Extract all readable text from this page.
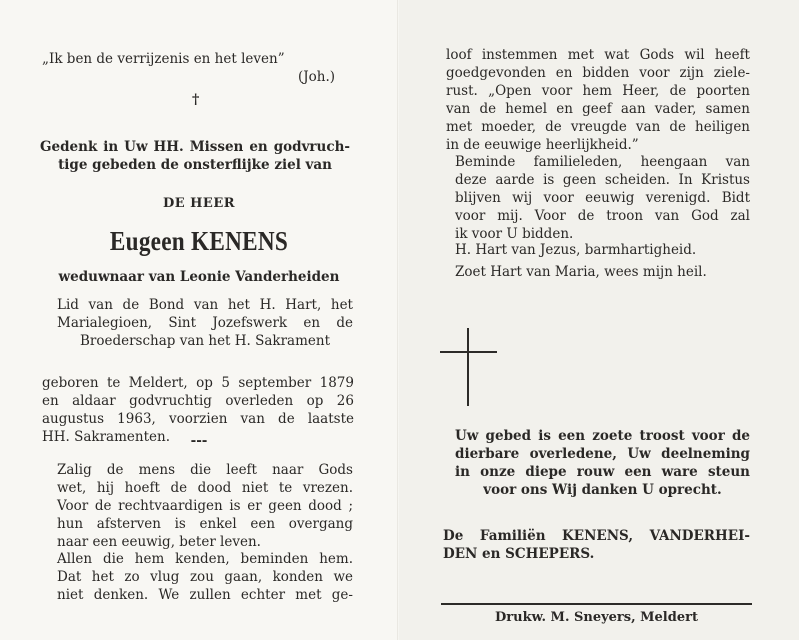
„Ik ben de verrijzenis en het leven”
(Joh.)
†
Gedenk in Uw HH. Missen en godvruch-
tige gebeden de onsterflijke ziel van
DE HEER
Eugeen KENENS
weduwnaar van Leonie Vanderheiden
Lid van de Bond van het H. Hart, het
Marialegioen, Sint Jozefswerk en de
Broederschap van het H. Sakrament
geboren te Meldert, op 5 september 1879
en aldaar godvruchtig overleden op 26
augustus 1963, voorzien van de laatste
HH. Sakramenten.	---
Zalig de mens die leeft naar Gods
wet, hij hoeft de dood niet te vrezen.
Voor de rechtvaardigen is er geen dood ;
hun afsterven is enkel een overgang
naar een eeuwig, beter leven.
Allen die hem kenden, beminden hem.
Dat het zo vlug zou gaan, konden we
niet denken. We zullen echter met ge-
loof instemmen met wat Gods wil heeft
goedgevonden en bidden voor zijn ziele-
rust. „Open voor hem Heer, de poorten
van de hemel en geef aan vader, samen
met moeder, de vreugde van de heiligen
in de eeuwige heerlijkheid.”
Beminde familieleden, heengaan van
deze aarde is geen scheiden. In Kristus
blijven wij voor eeuwig verenigd. Bidt
voor mij. Voor de troon van God zal
ik voor U bidden.
H. Hart van Jezus, barmhartigheid.
Zoet Hart van Maria, wees mijn heil.
Uw gebed is een zoete troost voor de
dierbare overledene, Uw deelneming
in onze diepe rouw een ware steun
voor ons Wij danken U oprecht.
De Familiën KENENS, VANDERHEI-
DEN en SCHEPERS.
Drukw. M. Sneyers, Meldert
